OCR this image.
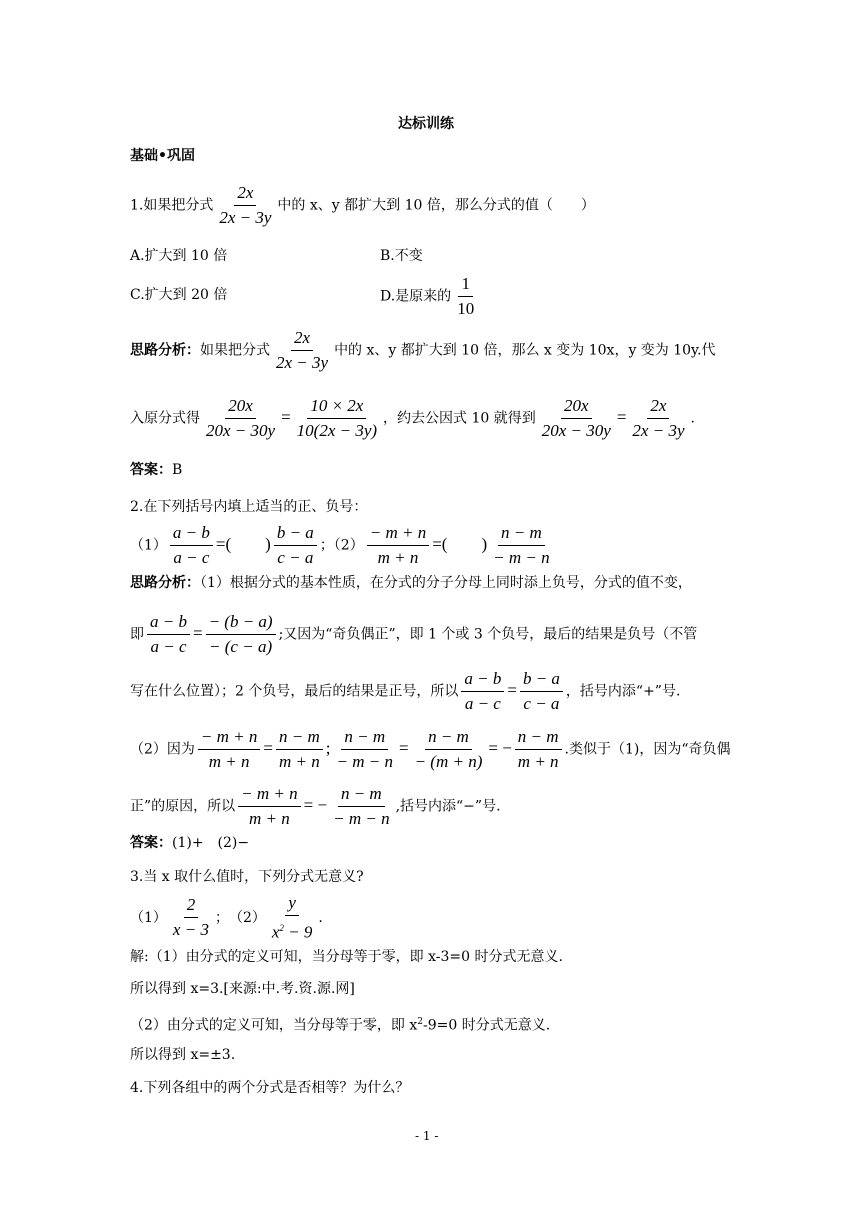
达标训练
基础•巩固
1.如果把分式 $\frac{2x}{2x - 3y}$ 中的 x、y 都扩大到 10 倍，那么分式的值（　　）
A.扩大到 10 倍	B.不变
C.扩大到 20 倍	D.是原来的 $\frac{1}{10}$
思路分析：如果把分式 $\frac{2x}{2x - 3y}$ 中的 x、y 都扩大到 10 倍，那么 x 变为 10x，y 变为 10y.代
入原分式得 $\frac{20x}{20x - 30y} = \frac{10 \times 2x}{10(2x - 3y)}$ ，约去公因式 10 就得到 $\frac{20x}{20x - 30y} = \frac{2x}{2x - 3y}$ .
答案：B
2.在下列括号内填上适当的正、负号：
$(1) \frac{a - b}{a - c}$ =(　　) $\frac{b - a}{c - a}$ ；$(2) \frac{- m + n}{m + n}$ =(　　) $\frac{n - m}{- m - n}$
思路分析：（1）根据分式的基本性质，在分式的分子分母上同时添上负号，分式的值不变，
即 $\frac{a - b}{a - c} = \frac{- (b - a)}{- (c - a)}$ ;又因为“奇负偶正”，即 1 个或 3 个负号，最后的结果是负号（不管
写在什么位置）；2 个负号，最后的结果是正号，所以 $\frac{a - b}{a - c} = \frac{b - a}{c - a}$ ，括号内添“+”号.
（2）因为 $\frac{- m + n}{m + n} = \frac{n - m}{m + n}$ ; $\frac{n - m}{- m - n} = \frac{n - m}{- (m + n)}$ = − $\frac{n - m}{m + n}$ .类似于（1)，因为“奇负偶
正”的原因，所以 $\frac{- m + n}{m + n}$ = − $\frac{n - m}{- m - n}$ ,括号内添“−”号.
答案：(1)+　(2)−
3.当 x 取什么值时，下列分式无意义?
$(1) \frac{2}{x - 3}$ ；　$(2) \frac{y}{x^2 - 9}$ .
解:（1）由分式的定义可知，当分母等于零，即 x-3=0 时分式无意义.
所以得到 x=3.[来源:中.考.资.源.网]
（2）由分式的定义可知，当分母等于零，即 $x^2-9=0$ 时分式无意义.
所以得到 x=±3.
4.下列各组中的两个分式是否相等？为什么？
- 1 -
